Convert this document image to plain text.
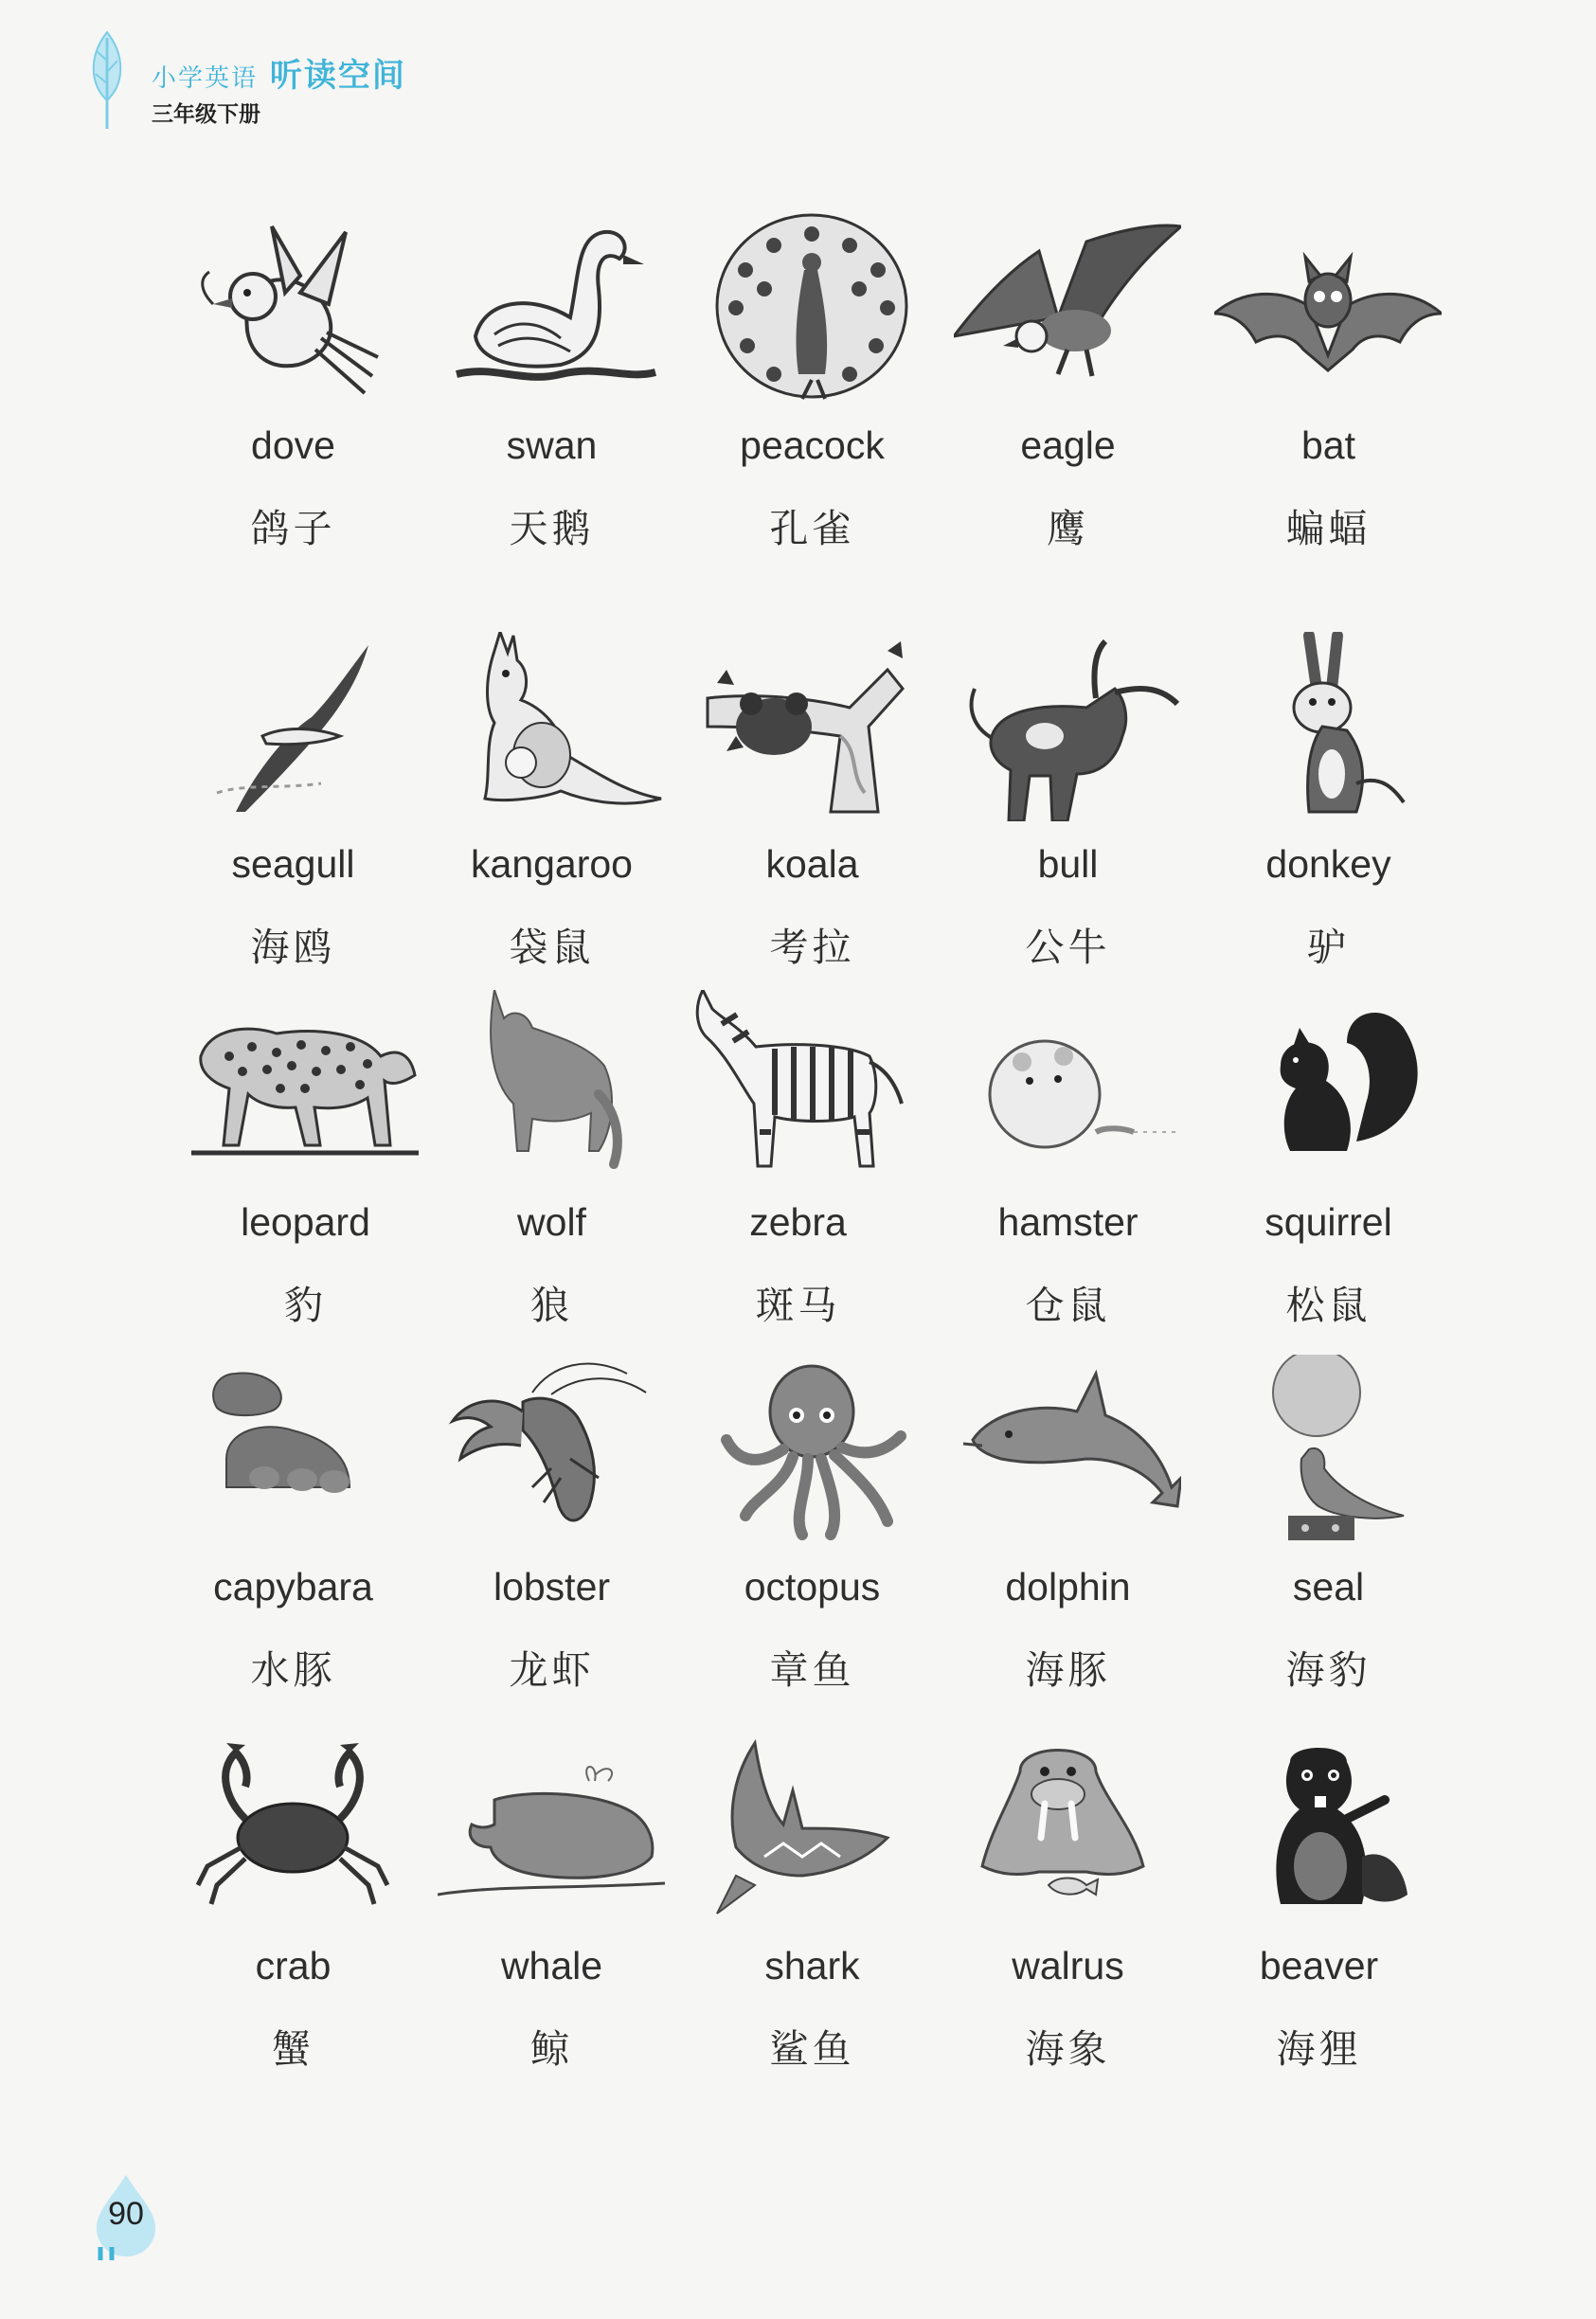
小学英语 听读空间
三年级下册
dove
鸽子
swan
天鹅
peacock
孔雀
eagle
鹰
bat
蝙蝠
seagull
海鸥
kangaroo
袋鼠
koala
考拉
bull
公牛
donkey
驴
leopard
豹
wolf
狼
zebra
斑马
hamster
仓鼠
squirrel
松鼠
capybara
水豚
lobster
龙虾
octopus
章鱼
dolphin
海豚
seal
海豹
crab
蟹
whale
鲸
shark
鲨鱼
walrus
海象
beaver
海狸
90
